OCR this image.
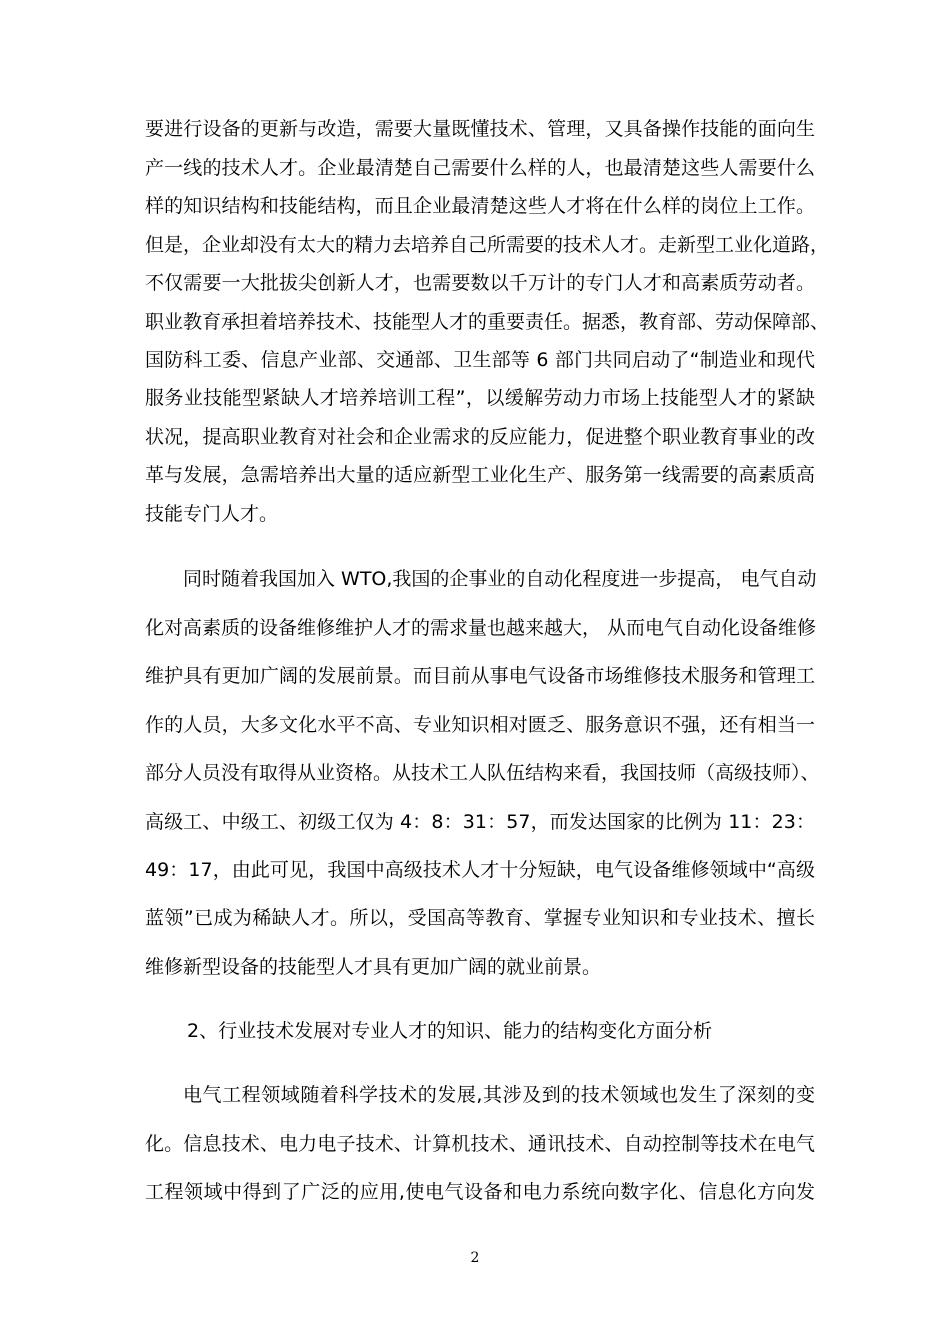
要进行设备的更新与改造，需要大量既懂技术、管理，又具备操作技能的面向生
产一线的技术人才。企业最清楚自己需要什么样的人，也最清楚这些人需要什么
样的知识结构和技能结构，而且企业最清楚这些人才将在什么样的岗位上工作。
但是，企业却没有太大的精力去培养自己所需要的技术人才。走新型工业化道路，
不仅需要一大批拔尖创新人才，也需要数以千万计的专门人才和高素质劳动者。
职业教育承担着培养技术、技能型人才的重要责任。据悉，教育部、劳动保障部、
国防科工委、信息产业部、交通部、卫生部等 6 部门共同启动了“制造业和现代
服务业技能型紧缺人才培养培训工程”，以缓解劳动力市场上技能型人才的紧缺
状况，提高职业教育对社会和企业需求的反应能力，促进整个职业教育事业的改
革与发展，急需培养出大量的适应新型工业化生产、服务第一线需要的高素质高
技能专门人才。
同时随着我国加入 WTO,我国的企事业的自动化程度进一步提高， 电气自动
化对高素质的设备维修维护人才的需求量也越来越大， 从而电气自动化设备维修
维护具有更加广阔的发展前景。而目前从事电气设备市场维修技术服务和管理工
作的人员，大多文化水平不高、专业知识相对匮乏、服务意识不强，还有相当一
部分人员没有取得从业资格。从技术工人队伍结构来看，我国技师（高级技师）、
高级工、中级工、初级工仅为 4：8：31：57，而发达国家的比例为 11：23：
49：17，由此可见，我国中高级技术人才十分短缺，电气设备维修领域中“高级
蓝领”已成为稀缺人才。所以，受国高等教育、掌握专业知识和专业技术、擅长
维修新型设备的技能型人才具有更加广阔的就业前景。
2、行业技术发展对专业人才的知识、能力的结构变化方面分析
电气工程领域随着科学技术的发展,其涉及到的技术领域也发生了深刻的变
化。信息技术、电力电子技术、计算机技术、通讯技术、自动控制等技术在电气
工程领域中得到了广泛的应用,使电气设备和电力系统向数字化、信息化方向发
2
